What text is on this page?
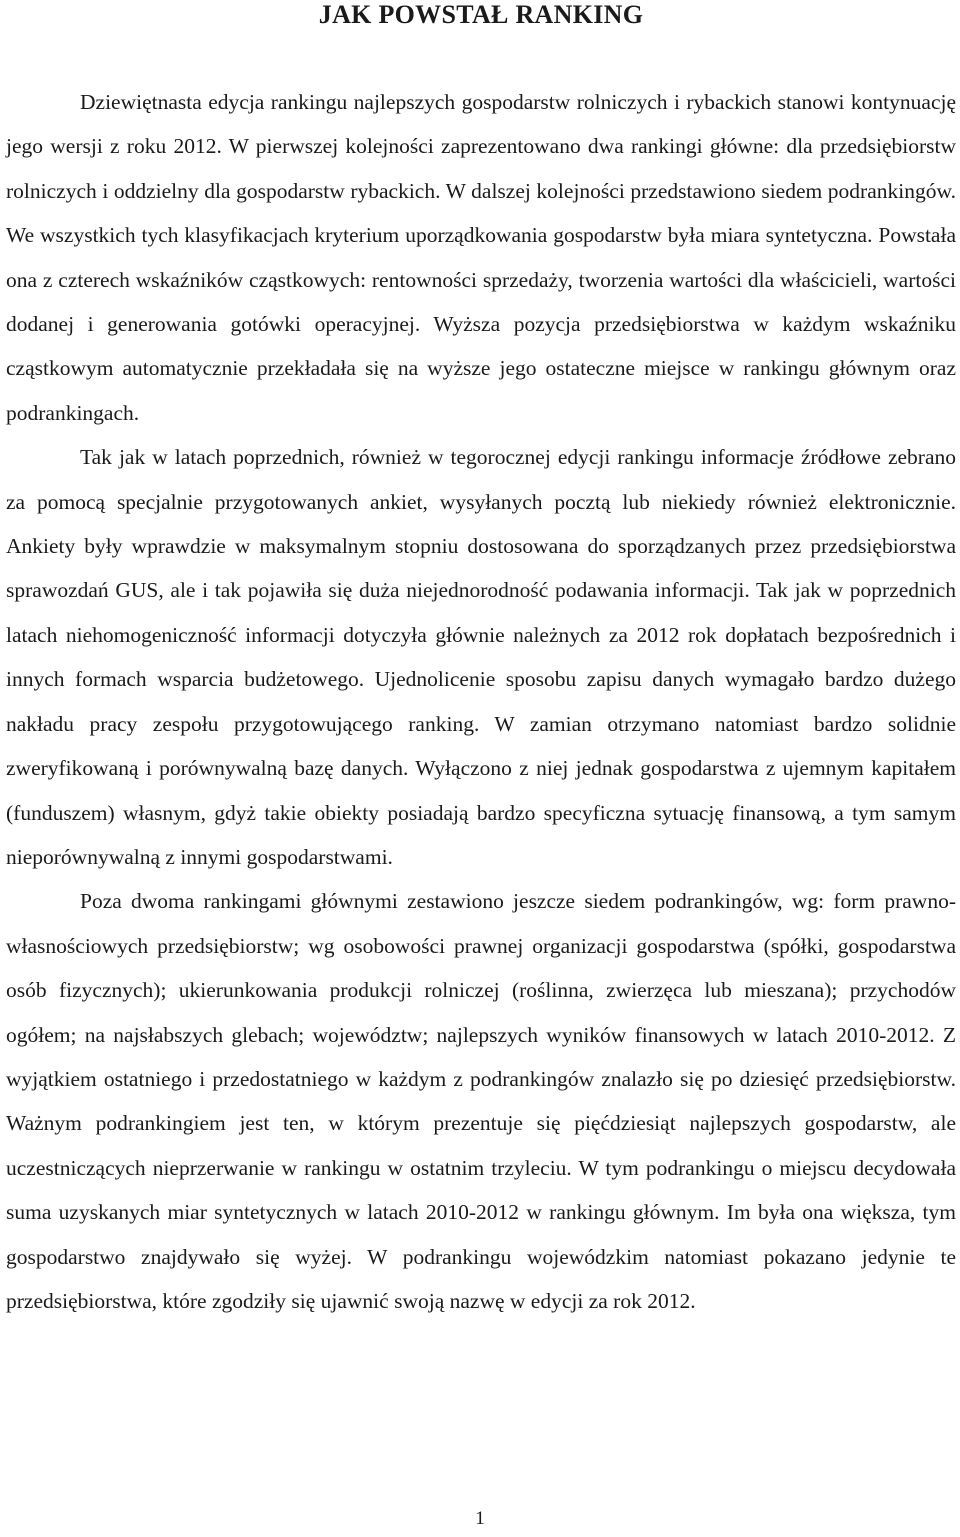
JAK POWSTAŁ RANKING

Dziewiętnasta edycja rankingu najlepszych gospodarstw rolniczych i rybackich stanowi kontynuację jego wersji z roku 2012. W pierwszej kolejności zaprezentowano dwa rankingi główne: dla przedsiębiorstw rolniczych i oddzielny dla gospodarstw rybackich. W dalszej kolejności przedstawiono siedem podrankingów. We wszystkich tych klasyfikacjach kryterium uporządkowania gospodarstw była miara syntetyczna. Powstała ona z czterech wskaźników cząstkowych: rentowności sprzedaży, tworzenia wartości dla właścicieli, wartości dodanej i generowania gotówki operacyjnej. Wyższa pozycja przedsiębiorstwa w każdym wskaźniku cząstkowym automatycznie przekładała się na wyższe jego ostateczne miejsce w rankingu głównym oraz podrankingach.

Tak jak w latach poprzednich, również w tegorocznej edycji rankingu informacje źródłowe zebrano za pomocą specjalnie przygotowanych ankiet, wysyłanych pocztą lub niekiedy również elektronicznie. Ankiety były wprawdzie w maksymalnym stopniu dostosowana do sporządzanych przez przedsiębiorstwa sprawozdań GUS, ale i tak pojawiła się duża niejednorodność podawania informacji. Tak jak w poprzednich latach niehomogeniczność informacji dotyczyła głównie należnych za 2012 rok dopłatach bezpośrednich i innych formach wsparcia budżetowego. Ujednolicenie sposobu zapisu danych wymagało bardzo dużego nakładu pracy zespołu przygotowującego ranking. W zamian otrzymano natomiast bardzo solidnie zweryfikowaną i porównywalną bazę danych. Wyłączono z niej jednak gospodarstwa z ujemnym kapitałem (funduszem) własnym, gdyż takie obiekty posiadają bardzo specyficzna sytuację finansową, a tym samym nieporównywalną z innymi gospodarstwami.

Poza dwoma rankingami głównymi zestawiono jeszcze siedem podrankingów, wg: form prawno-własnościowych przedsiębiorstw; wg osobowości prawnej organizacji gospodarstwa (spółki, gospodarstwa osób fizycznych); ukierunkowania produkcji rolniczej (roślinna, zwierzęca lub mieszana); przychodów ogółem; na najsłabszych glebach; województw; najlepszych wyników finansowych w latach 2010-2012. Z wyjątkiem ostatniego i przedostatniego w każdym z podrankingów znalazło się po dziesięć przedsiębiorstw. Ważnym podrankingiem jest ten, w którym prezentuje się pięćdziesiąt najlepszych gospodarstw, ale uczestniczących nieprzerwanie w rankingu w ostatnim trzyleciu. W tym podrankingu o miejscu decydowała suma uzyskanych miar syntetycznych w latach 2010-2012 w rankingu głównym. Im była ona większa, tym gospodarstwo znajdywało się wyżej. W podrankingu wojewódzkim natomiast pokazano jedynie te przedsiębiorstwa, które zgodziły się ujawnić swoją nazwę w edycji za rok 2012.

1
